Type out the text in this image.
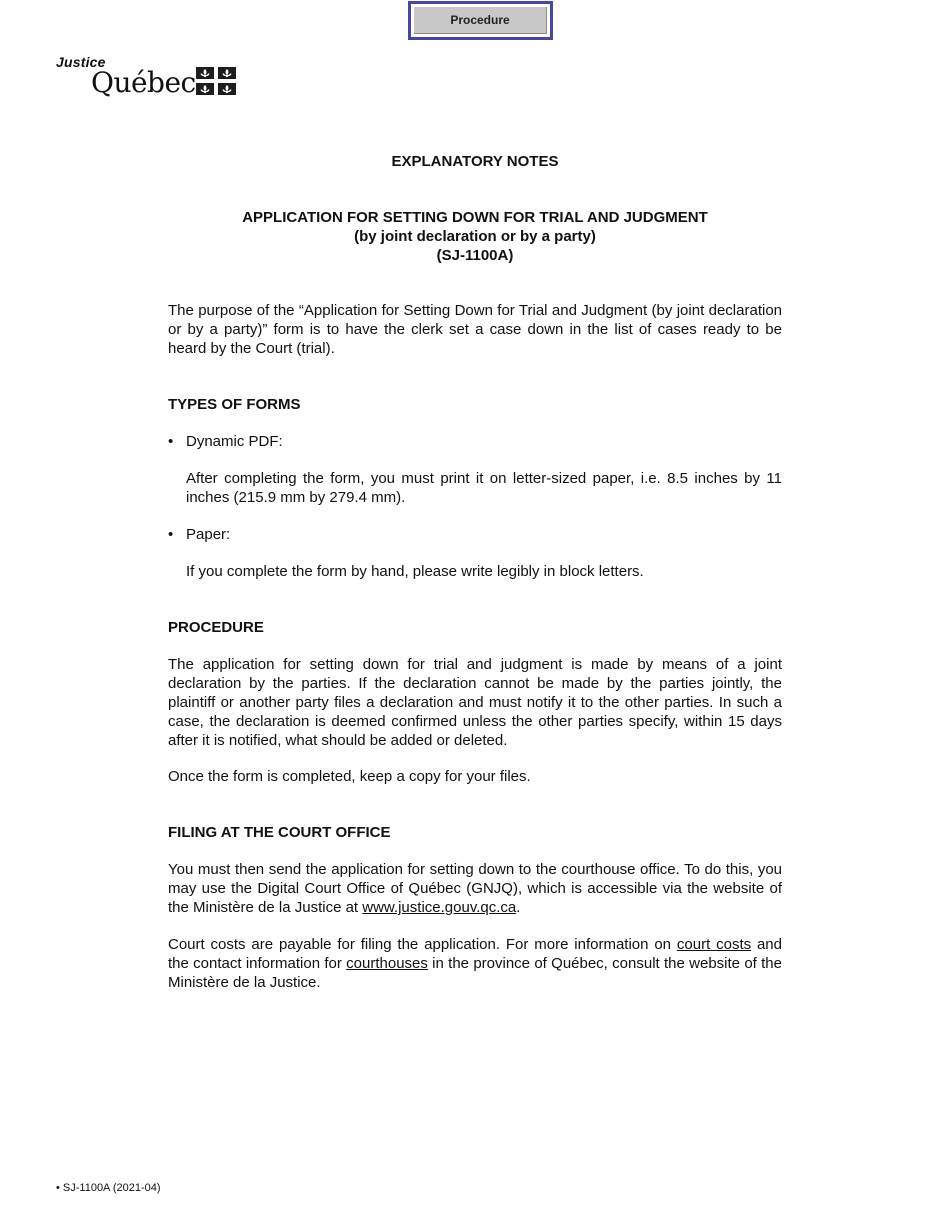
Procedure
Justice
Québec
EXPLANATORY NOTES
APPLICATION FOR SETTING DOWN FOR TRIAL AND JUDGMENT
(by joint declaration or by a party)
(SJ-1100A)
The purpose of the “Application for Setting Down for Trial and Judgment (by joint declaration or by a party)” form is to have the clerk set a case down in the list of cases ready to be heard by the Court (trial).
TYPES OF FORMS
• Dynamic PDF:
After completing the form, you must print it on letter-sized paper, i.e. 8.5 inches by 11 inches (215.9 mm by 279.4 mm).
• Paper:
If you complete the form by hand, please write legibly in block letters.
PROCEDURE
The application for setting down for trial and judgment is made by means of a joint declaration by the parties. If the declaration cannot be made by the parties jointly, the plaintiff or another party files a declaration and must notify it to the other parties. In such a case, the declaration is deemed confirmed unless the other parties specify, within 15 days after it is notified, what should be added or deleted.
Once the form is completed, keep a copy for your files.
FILING AT THE COURT OFFICE
You must then send the application for setting down to the courthouse office. To do this, you may use the Digital Court Office of Québec (GNJQ), which is accessible via the website of the Ministère de la Justice at www.justice.gouv.qc.ca.
Court costs are payable for filing the application. For more information on court costs and the contact information for courthouses in the province of Québec, consult the website of the Ministère de la Justice.
• SJ-1100A (2021-04)
